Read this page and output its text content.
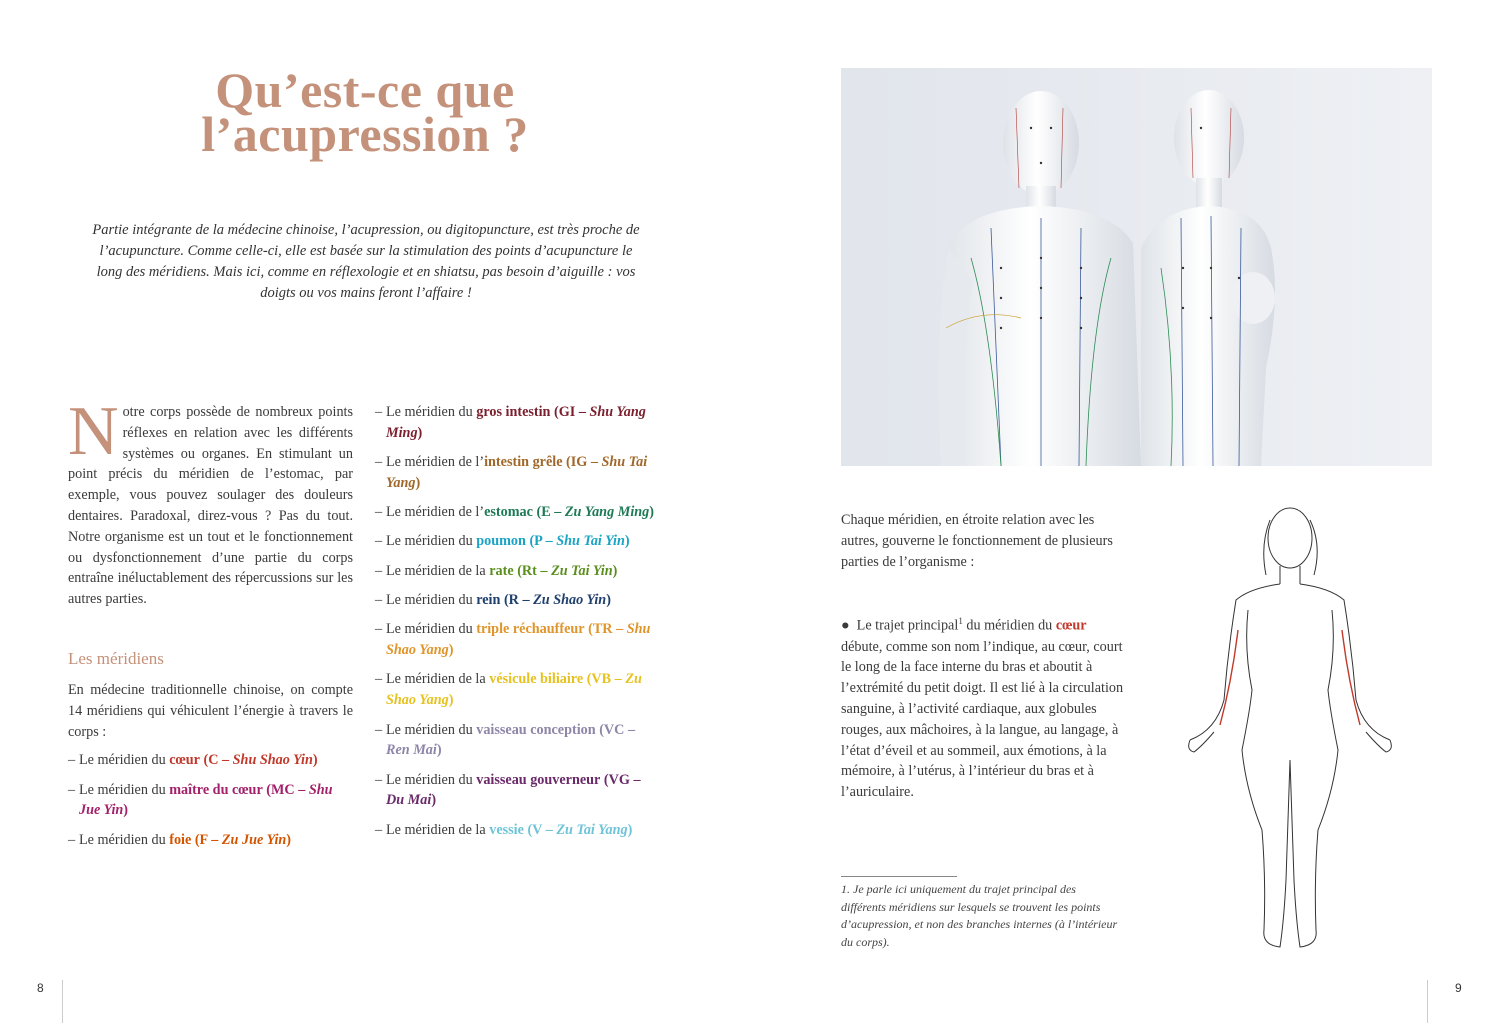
Qu’est-ce que
l’acupression ?
Partie intégrante de la médecine chinoise, l’acupression, ou digitopuncture, est très proche de l’acupuncture. Comme celle-ci, elle est basée sur la stimulation des points d’acupuncture le long des méridiens. Mais ici, comme en réflexologie et en shiatsu, pas besoin d’aiguille : vos doigts ou vos mains feront l’affaire !
Notre corps possède de nombreux points réflexes en relation avec les différents systèmes ou organes. En stimulant un point précis du méridien de l’estomac, par exemple, vous pouvez soulager des douleurs dentaires. Paradoxal, direz-vous ? Pas du tout. Notre organisme est un tout et le fonctionnement ou dysfonctionnement d’une partie du corps entraîne inéluctablement des répercussions sur les autres parties.
Les méridiens
En médecine traditionnelle chinoise, on compte 14 méridiens qui véhiculent l’énergie à travers le corps :
– Le méridien du cœur (C – Shu Shao Yin)
– Le méridien du maître du cœur (MC – Shu Jue Yin)
– Le méridien du foie (F – Zu Jue Yin)
– Le méridien du gros intestin (GI – Shu Yang Ming)
– Le méridien de l’intestin grêle (IG – Shu Tai Yang)
– Le méridien de l’estomac (E – Zu Yang Ming)
– Le méridien du poumon (P – Shu Tai Yin)
– Le méridien de la rate (Rt – Zu Tai Yin)
– Le méridien du rein (R – Zu Shao Yin)
– Le méridien du triple réchauffeur (TR – Shu Shao Yang)
– Le méridien de la vésicule biliaire (VB – Zu Shao Yang)
– Le méridien du vaisseau conception (VC – Ren Mai)
– Le méridien du vaisseau gouverneur (VG – Du Mai)
– Le méridien de la vessie (V – Zu Tai Yang)
Chaque méridien, en étroite relation avec les autres, gouverne le fonctionnement de plusieurs parties de l’organisme :
●  Le trajet principal$^1$ du méridien du cœur débute, comme son nom l’indique, au cœur, court le long de la face interne du bras et aboutit à l’extrémité du petit doigt. Il est lié à la circulation sanguine, à l’activité cardiaque, aux globules rouges, aux mâchoires, à la langue, au langage, à l’état d’éveil et au sommeil, aux émotions, à la mémoire, à l’utérus, à l’intérieur du bras et à l’auriculaire.
1. Je parle ici uniquement du trajet principal des différents méridiens sur lesquels se trouvent les points d’acupression, et non des branches internes (à l’intérieur du corps).
8	9
